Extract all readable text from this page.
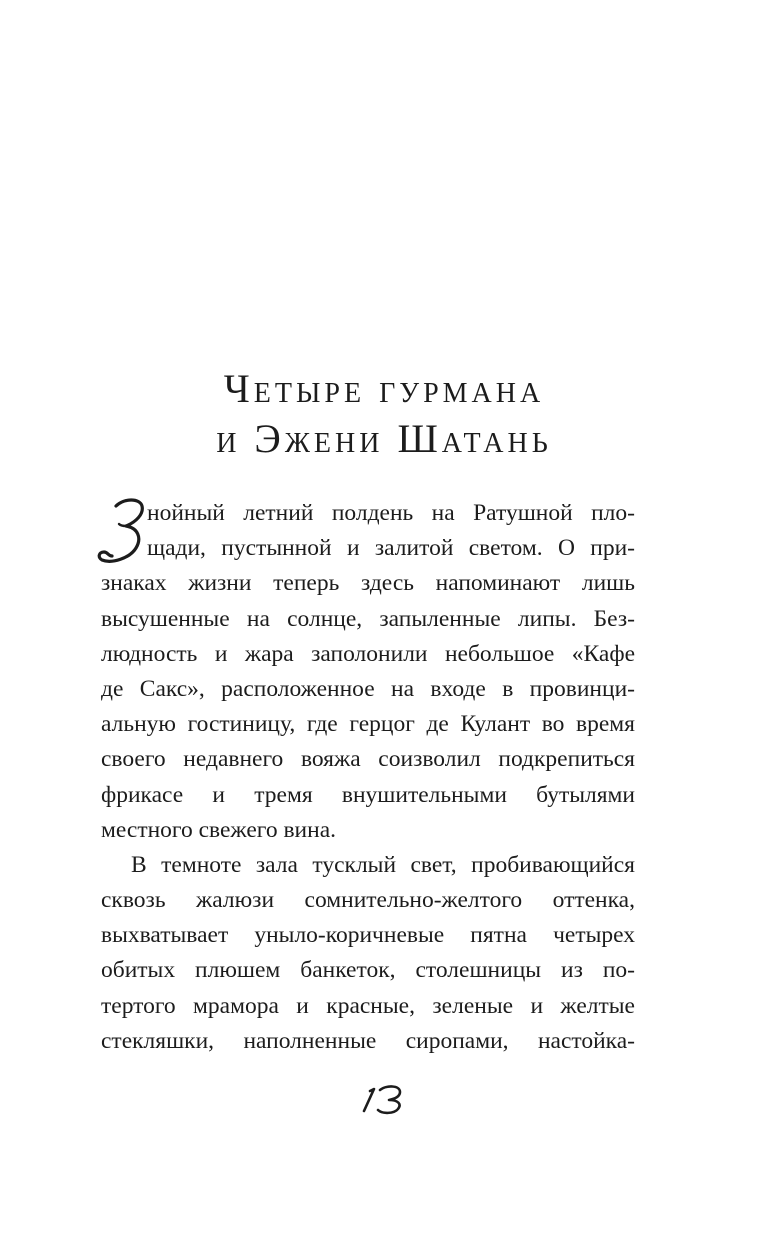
Четыре гурмана
и Эжени Шатань
нойный летний полдень на Ратушной пло-
щади, пустынной и залитой светом. О при-
знаках жизни теперь здесь напоминают лишь
высушенные на солнце, запыленные липы. Без-
людность и жара заполонили небольшое «Кафе
де Сакс», расположенное на входе в провинци-
альную гостиницу, где герцог де Кулант во время
своего недавнего вояжа соизволил подкрепиться
фрикасе и тремя внушительными бутылями
местного свежего вина.
В темноте зала тусклый свет, пробивающийся
сквозь жалюзи сомнительно-желтого оттенка,
выхватывает уныло-коричневые пятна четырех
обитых плюшем банкеток, столешницы из по-
тертого мрамора и красные, зеленые и желтые
стекляшки, наполненные сиропами, настойка-
